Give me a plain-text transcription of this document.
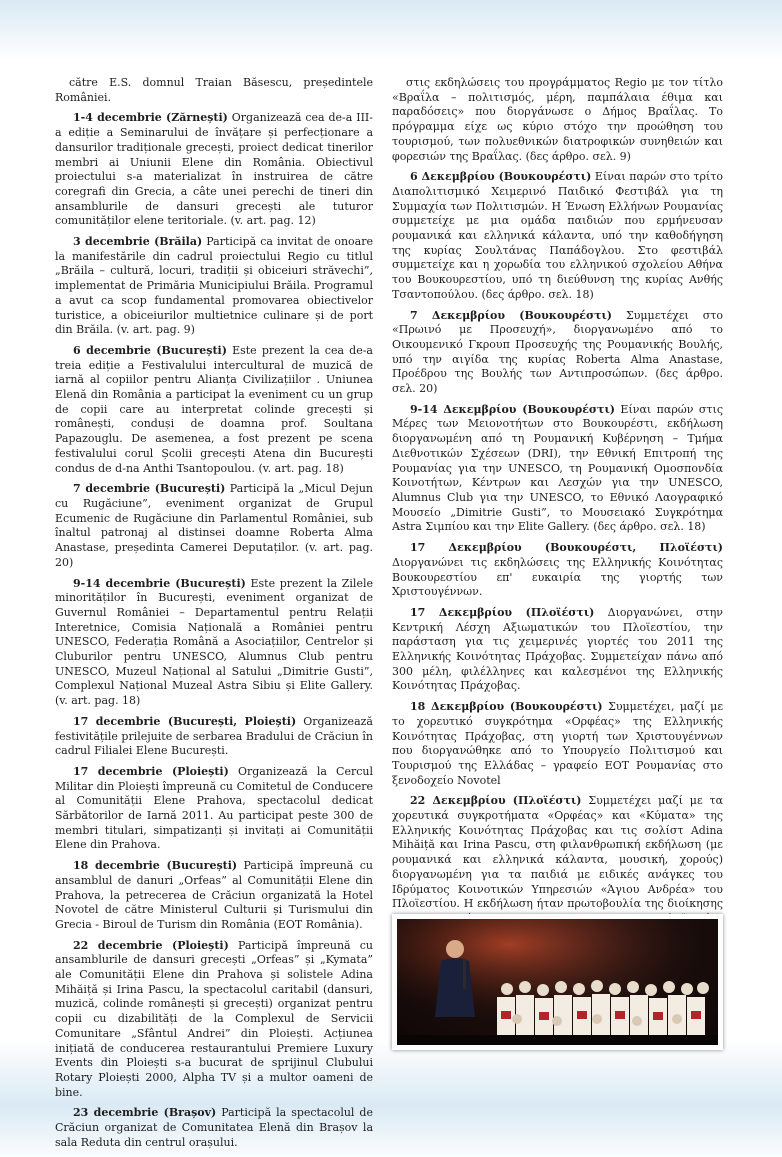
către E.S. domnul Traian Băsescu, președintele României.

1-4 decembrie (Zărnești) Organizează cea de-a III-a ediție a Seminarului de învățare și perfecționare a dansurilor tradiționale grecești, proiect dedicat tinerilor membri ai Uniunii Elene din România. Obiectivul proiectului s-a materializat în instruirea de către coregrafi din Grecia, a câte unei perechi de tineri din ansamblurile de dansuri grecești ale tuturor comunităților elene teritoriale. (v. art. pag. 12)

3 decembrie (Brăila) Participă ca invitat de onoare la manifestările din cadrul proiectului Regio cu titlul „Brăila – cultură, locuri, tradiții și obiceiuri străvechi”, implementat de Primăria Municipiului Brăila. Programul a avut ca scop fundamental promovarea obiectivelor turistice, a obiceiurilor multietnice culinare și de port din Brăila. (v. art. pag. 9)

6 decembrie (București) Este prezent la cea de-a treia ediție a Festivalului intercultural de muzică de iarnă al copiilor pentru Alianța Civilizațiilor . Uniunea Elenă din România a participat la eveniment cu un grup de copii care au interpretat colinde grecești și românești, conduși de doamna prof. Soultana Papazouglu. De asemenea, a fost prezent pe scena festivalului corul Școlii grecești Atena din București condus de d-na Anthi Tsantopoulou. (v. art. pag. 18)

7 decembrie (București) Participă la „Micul Dejun cu Rugăciune”, eveniment organizat de Grupul Ecumenic de Rugăciune din Parlamentul României, sub înaltul patronaj al distinsei doamne Roberta Alma Anastase, președinta Camerei Deputaților. (v. art. pag. 20)

9-14 decembrie (București) Este prezent la Zilele minorităților în București, eveniment organizat de Guvernul României – Departamentul pentru Relații Interetnice, Comisia Națională a României pentru UNESCO, Federația Română a Asociațiilor, Centrelor și Cluburilor pentru UNESCO, Alumnus Club pentru UNESCO, Muzeul Național al Satului „Dimitrie Gusti”, Complexul Național Muzeal Astra Sibiu și Elite Gallery. (v. art. pag. 18)

17 decembrie (București, Ploiești) Organizează festivitățile prilejuite de serbarea Bradului de Crăciun în cadrul Filialei Elene București.

17 decembrie (Ploiești) Organizează la Cercul Militar din Ploiești împreună cu Comitetul de Conducere al Comunității Elene Prahova, spectacolul dedicat Sărbătorilor de Iarnă 2011. Au participat peste 300 de membri titulari, simpatizanți și invitați ai Comunității Elene din Prahova.

18 decembrie (București) Participă împreună cu ansamblul de danuri „Orfeas” al Comunității Elene din Prahova, la petrecerea de Crăciun organizată la Hotel Novotel de către Ministerul Culturii și Turismului din Grecia - Biroul de Turism din România (EOT România).

22 decembrie (Ploiești) Participă împreună cu ansamblurile de dansuri grecești „Orfeas” și „Kymata” ale Comunității Elene din Prahova și solistele Adina Mihăiță și Irina Pascu, la spectacolul caritabil (dansuri, muzică, colinde românești și grecești) organizat pentru copii cu dizabilități de la Complexul de Servicii Comunitare „Sfântul Andrei” din Ploiești. Acțiunea inițiată de conducerea restaurantului Premiere Luxury Events din Ploiești s-a bucurat de sprijinul Clubului Rotary Ploiești 2000, Alpha TV și a multor oameni de bine.

23 decembrie (Brașov) Participă la spectacolul de Crăciun organizat de Comunitatea Elenă din Brașov la sala Reduta din centrul orașului.

στις εκδηλώσεις του προγράμματος Regio με τον τίτλο «Βραΐλα – πολιτισμός, μέρη, παμπάλαια έθιμα και παραδόσεις» που διοργάνωσε ο Δήμος Βραΐλας. Το πρόγραμμα είχε ως κύριο στόχο την προώθηση του τουρισμού, των πολυεθνικών διατροφικών συνηθειών και φορεσιών της Βραΐλας. (δες άρθρο. σελ. 9)

6 Δεκεμβρίου (Βουκουρέστι) Είναι παρών στο τρίτο Διαπολιτισμικό Χειμερινό Παιδικό Φεστιβάλ για τη Συμμαχία των Πολιτισμών. Η Ένωση Ελλήνων Ρουμανίας συμμετείχε με μια ομάδα παιδιών που ερμήνευσαν ρουμανικά και ελληνικά κάλαντα, υπό την καθοδήγηση της κυρίας Σουλτάνας Παπάδογλου. Στο φεστιβάλ συμμετείχε και η χορωδία του ελληνικού σχολείου Αθήνα του Βουκουρεστίου, υπό τη διεύθυνση της κυρίας Ανθής Τσαντοπούλου. (δες άρθρο. σελ. 18)

7 Δεκεμβρίου (Βουκουρέστι) Συμμετέχει στο «Πρωινό με Προσευχή», διοργανωμένο από το Οικουμενικό Γκρουπ Προσευχής της Ρουμανικής Βουλής, υπό την αιγίδα της κυρίας Roberta Alma Anastase, Προέδρου της Βουλής των Αντιπροσώπων. (δες άρθρο. σελ. 20)

9-14 Δεκεμβρίου (Βουκουρέστι) Είναι παρών στις Μέρες των Μειονοτήτων στο Βουκουρέστι, εκδήλωση διοργανωμένη από τη Ρουμανική Κυβέρνηση – Τμήμα Διεθνοτικών Σχέσεων (DRI), την Εθνική Επιτροπή της Ρουμανίας για την UNESCO, τη Ρουμανική Ομοσπονδία Κοινοτήτων, Κέντρων και Λεσχών για την UNESCO, Alumnus Club για την UNESCO, το Εθνικό Λαογραφικό Μουσείο „Dimitrie Gusti”, το Μουσειακό Συγκρότημα Astra Σιμπίου και την Elite Gallery. (δες άρθρο. σελ. 18)

17 Δεκεμβρίου (Βουκουρέστι, Πλοϊέστι) Διοργανώνει τις εκδηλώσεις της Ελληνικής Κοινότητας Βουκουρεστίου επ' ευκαιρία της γιορτής των Χριστουγέννων.

17 Δεκεμβρίου (Πλοϊέστι) Διοργανώνει, στην Κεντρική Λέσχη Αξιωματικών του Πλοϊεστίου, την παράσταση για τις χειμερινές γιορτές του 2011 της Ελληνικής Κοινότητας Πράχοβας. Συμμετείχαν πάνω από 300 μέλη, φιλέλληνες και καλεσμένοι της Ελληνικής Κοινότητας Πράχοβας.

18 Δεκεμβρίου (Βουκουρέστι) Συμμετέχει, μαζί με το χορευτικό συγκρότημα «Ορφέας» της Ελληνικής Κοινότητας Πράχοβας, στη γιορτή των Χριστουγέννων που διοργανώθηκε από το Υπουργείο Πολιτισμού και Τουρισμού της Ελλάδας – γραφείο ΕΟΤ Ρουμανίας στο ξενοδοχείο Novotel

22 Δεκεμβρίου (Πλοϊέστι) Συμμετέχει μαζί με τα χορευτικά συγκροτήματα «Ορφέας» και «Κύματα» της Ελληνικής Κοινότητας Πράχοβας και τις σολίστ Adina Mihăiță και Irina Pascu, στη φιλανθρωπική εκδήλωση (με ρουμανικά και ελληνικά κάλαντα, μουσική, χορούς) διοργανωμένη για τα παιδιά με ειδικές ανάγκες του Ιδρύματος Κοινοτικών Υπηρεσιών «Άγιου Ανδρέα» του Πλοϊεστίου. Η εκδήλωση ήταν πρωτοβουλία της διοίκησης
